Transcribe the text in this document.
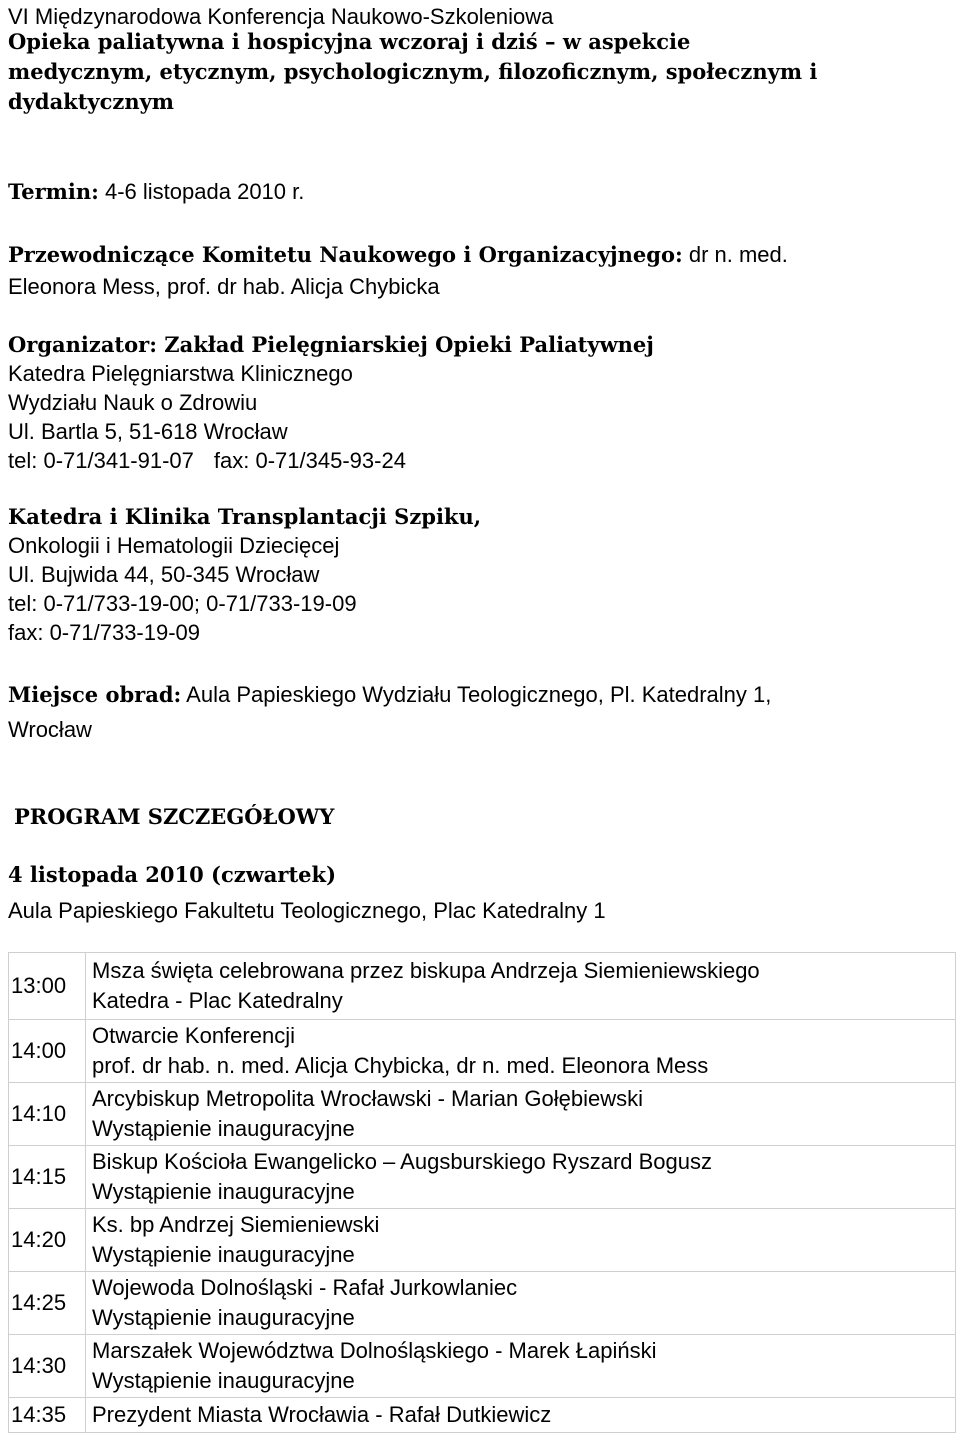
VI Międzynarodowa Konferencja Naukowo-Szkoleniowa
Opieka paliatywna i hospicyjna wczoraj i dziś – w aspekcie
medycznym, etycznym, psychologicznym, filozoficznym, społecznym i
dydaktycznym
Termin: 4-6 listopada 2010 r.
Przewodniczące Komitetu Naukowego i Organizacyjnego: dr n. med.
Eleonora Mess, prof. dr hab. Alicja Chybicka
Organizator: Zakład Pielęgniarskiej Opieki Paliatywnej
Katedra Pielęgniarstwa Klinicznego
Wydziału Nauk o Zdrowiu
Ul. Bartla 5, 51-618 Wrocław
tel: 0-71/341-91-07 fax: 0-71/345-93-24
Katedra i Klinika Transplantacji Szpiku,
Onkologii i Hematologii Dziecięcej
Ul. Bujwida 44, 50-345 Wrocław
tel: 0-71/733-19-00; 0-71/733-19-09
fax: 0-71/733-19-09
Miejsce obrad: Aula Papieskiego Wydziału Teologicznego, Pl. Katedralny 1,
Wrocław
PROGRAM SZCZEGÓŁOWY
4 listopada 2010 (czwartek)
Aula Papieskiego Fakultetu Teologicznego, Plac Katedralny 1
13:00	Msza święta celebrowana przez biskupa Andrzeja Siemieniewskiego
Katedra - Plac Katedralny

14:00	Otwarcie Konferencji
prof. dr hab. n. med. Alicja Chybicka, dr n. med. Eleonora Mess

14:10	Arcybiskup Metropolita Wrocławski - Marian Gołębiewski
Wystąpienie inauguracyjne

14:15	Biskup Kościoła Ewangelicko – Augsburskiego Ryszard Bogusz
Wystąpienie inauguracyjne

14:20	Ks. bp Andrzej Siemieniewski
Wystąpienie inauguracyjne

14:25	Wojewoda Dolnośląski - Rafał Jurkowlaniec
Wystąpienie inauguracyjne

14:30	Marszałek Województwa Dolnośląskiego - Marek Łapiński
Wystąpienie inauguracyjne

14:35	Prezydent Miasta Wrocławia - Rafał Dutkiewicz
